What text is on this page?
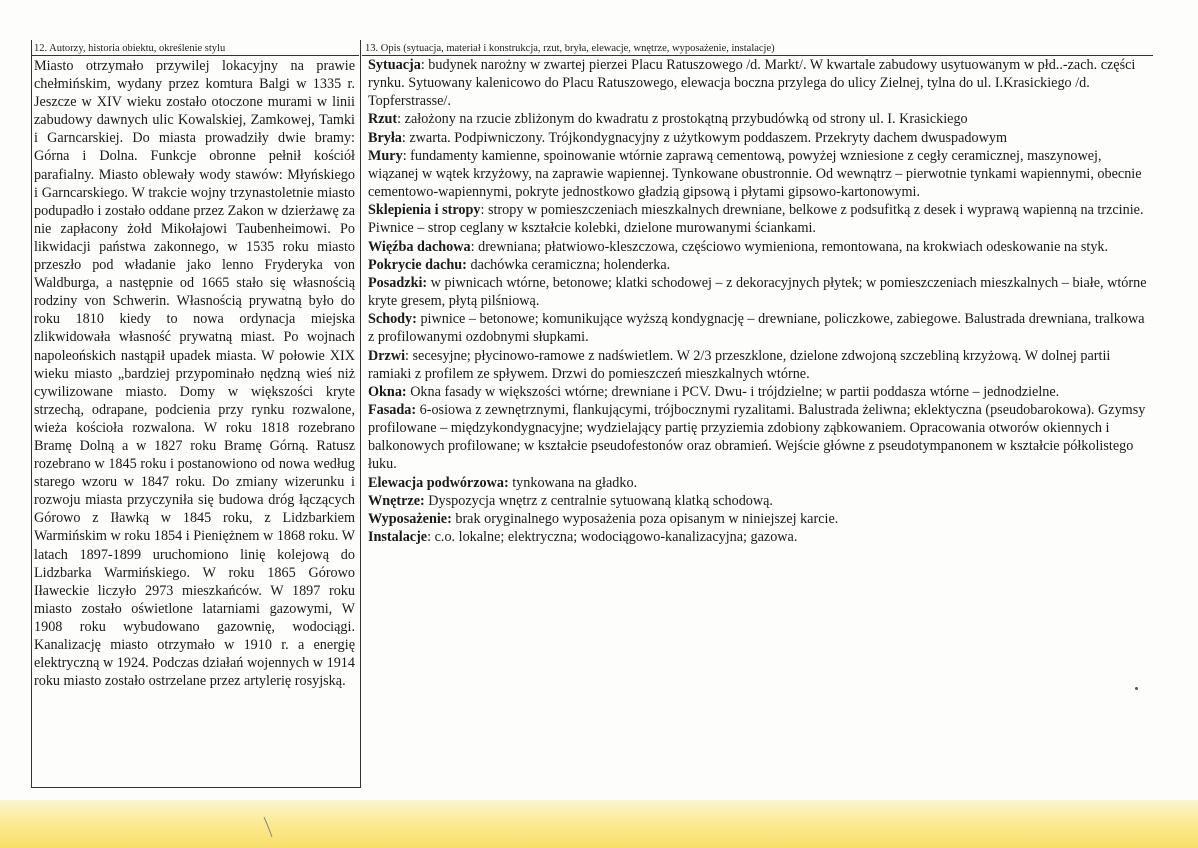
12. Autorzy, historia obiektu, określenie stylu	13. Opis (sytuacja, materiał i konstrukcja, rzut, bryła, elewacje, wnętrze, wyposażenie, instalacje)
Miasto otrzymało przywilej lokacyjny na prawie chełmińskim, wydany przez komtura Balgi w 1335 r. Jeszcze w XIV wieku zostało otoczone murami w linii zabudowy dawnych ulic Kowalskiej, Zamkowej, Tamki i Garncarskiej. Do miasta prowadziły dwie bramy: Górna i Dolna. Funkcje obronne pełnił kościół parafialny. Miasto oblewały wody stawów: Młyńskiego i Garncarskiego. W trakcie wojny trzynastoletnie miasto podupadło i zostało oddane przez Zakon w dzierżawę za nie zapłacony żołd Mikołajowi Taubenheimowi. Po likwidacji państwa zakonnego, w 1535 roku miasto przeszło pod władanie jako lenno Fryderyka von Waldburga, a następnie od 1665 stało się własnością rodziny von Schwerin. Własnością prywatną było do roku 1810 kiedy to nowa ordynacja miejska zlikwidowała własność prywatną miast. Po wojnach napoleońskich nastąpił upadek miasta. W połowie XIX wieku miasto „bardziej przypominało nędzną wieś niż cywilizowane miasto. Domy w większości kryte strzechą, odrapane, podcienia przy rynku rozwalone, wieża kościoła rozwalona. W roku 1818 rozebrano Bramę Dolną a w 1827 roku Bramę Górną. Ratusz rozebrano w 1845 roku i postanowiono od nowa według starego wzoru w 1847 roku. Do zmiany wizerunku i rozwoju miasta przyczyniła się budowa dróg łączących Górowo z Iławką w 1845 roku, z Lidzbarkiem Warmińskim w roku 1854 i Pieniężnem w 1868 roku. W latach 1897-1899 uruchomiono linię kolejową do Lidzbarka Warmińskiego. W roku 1865 Górowo Iławeckie liczyło 2973 mieszkańców. W 1897 roku miasto zostało oświetlone latarniami gazowymi, W 1908 roku wybudowano gazownię, wodociągi. Kanalizację miasto otrzymało w 1910 r. a energię elektryczną w 1924. Podczas działań wojennych w 1914 roku miasto zostało ostrzelane przez artylerię rosyjską.

Sytuacja: budynek narożny w zwartej pierzei Placu Ratuszowego /d. Markt/. W kwartale zabudowy usytuowanym w płd..-zach. części rynku. Sytuowany kalenicowo do Placu Ratuszowego, elewacja boczna przylega do ulicy Zielnej, tylna do ul. I.Krasickiego /d. Topferstrasse/.

Rzut: założony na rzucie zbliżonym do kwadratu z prostokątną przybudówką od strony ul. I. Krasickiego

Bryła: zwarta. Podpiwniczony. Trójkondygnacyjny z użytkowym poddaszem. Przekryty dachem dwuspadowym

Mury: fundamenty kamienne, spoinowanie wtórnie zaprawą cementową, powyżej wzniesione z cegły ceramicznej, maszynowej, wiązanej w wątek krzyżowy, na zaprawie wapiennej. Tynkowane obustronnie. Od wewnątrz – pierwotnie tynkami wapiennymi, obecnie cementowo-wapiennymi, pokryte jednostkowo gładzią gipsową i płytami gipsowo-kartonowymi.

Sklepienia i stropy: stropy w pomieszczeniach mieszkalnych drewniane, belkowe z podsufitką z desek i wyprawą wapienną na trzcinie. Piwnice – strop ceglany w kształcie kolebki, dzielone murowanymi ściankami.

Więźba dachowa: drewniana; płatwiowo-kleszczowa, częściowo wymieniona, remontowana, na krokwiach odeskowanie na styk.

Pokrycie dachu: dachówka ceramiczna; holenderka.

Posadzki: w piwnicach wtórne, betonowe; klatki schodowej – z dekoracyjnych płytek; w pomieszczeniach mieszkalnych – białe, wtórne kryte gresem, płytą pilśniową.

Schody: piwnice – betonowe; komunikujące wyższą kondygnację – drewniane, policzkowe, zabiegowe. Balustrada drewniana, tralkowa z profilowanymi ozdobnymi słupkami.

Drzwi: secesyjne; płycinowo-ramowe z nadświetlem. W 2/3 przeszklone, dzielone zdwojoną szczebliną krzyżową. W dolnej partii ramiaki z profilem ze spływem. Drzwi do pomieszczeń mieszkalnych wtórne.

Okna: Okna fasady w większości wtórne; drewniane i PCV. Dwu- i trójdzielne; w partii poddasza wtórne – jednodzielne.

Fasada: 6-osiowa z zewnętrznymi, flankującymi, trójbocznymi ryzalitami. Balustrada żeliwna; eklektyczna (pseudobarokowa). Gzymsy profilowane – międzykondygnacyjne; wydzielający partię przyziemia zdobiony ząbkowaniem. Opracowania otworów okiennych i balkonowych profilowane; w kształcie pseudofestonów oraz obramień. Wejście główne z pseudotympanonem w kształcie półkolistego łuku.

Elewacja podwórzowa: tynkowana na gładko.

Wnętrze: Dyspozycja wnętrz z centralnie sytuowaną klatką schodową.

Wyposażenie: brak oryginalnego wyposażenia poza opisanym w niniejszej karcie.

Instalacje: c.o. lokalne; elektryczna; wodociągowo-kanalizacyjna; gazowa.
